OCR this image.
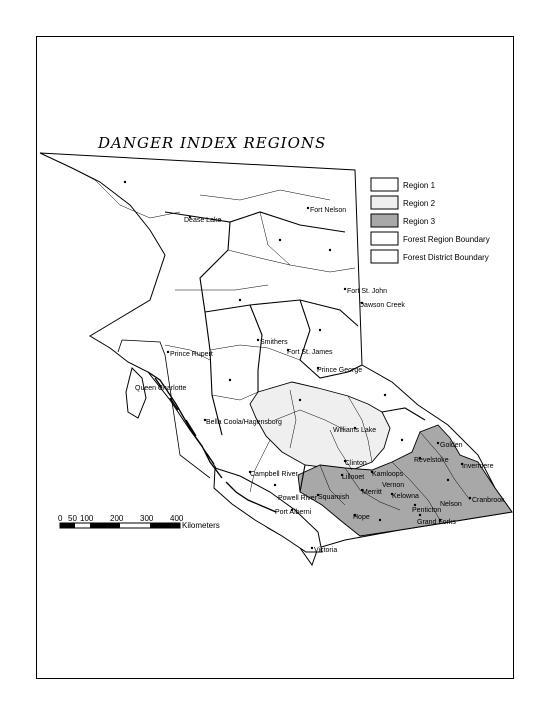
DANGER INDEX REGIONS
Fort Nelson
Dease Lake
Fort St. John
Dawson Creek
Smithers
Prince Rupert	Fort St. James
Prince George
Queen Charlotte
Bella Coola/Hagensborg
Williams Lake
Golden
Revelstoke
Invermere
Clinton
Kamloops
Lillooet
Vernon
Merritt
Kelowna
Cranbrook
Nelson
Penticton
Hope
Grand Forks
Powell River Squamish
Campbell River
Port Alberni
Victoria
Region 1
Region 2
Region 3
Forest Region Boundary
Forest District Boundary
0 50 100 200 300 400
Kilometers
